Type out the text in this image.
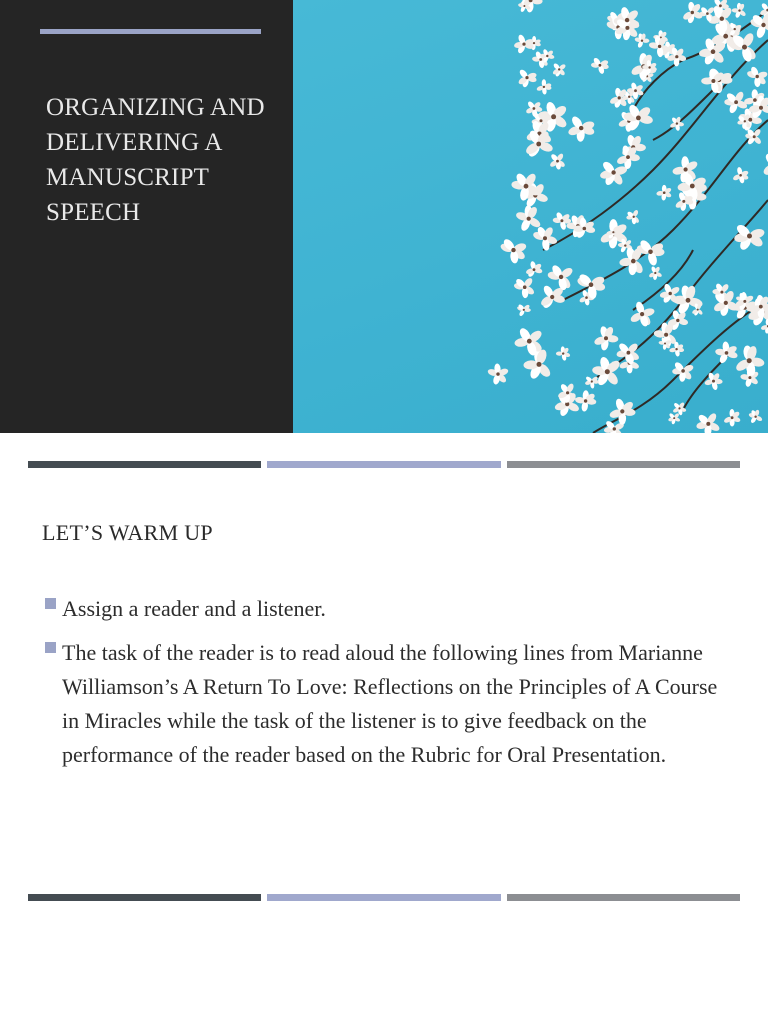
ORGANIZING AND DELIVERING A MANUSCRIPT SPEECH
LET’S WARM UP
Assign a reader and a listener.
The task of the reader is to read aloud the following lines from Marianne Williamson’s A Return To Love: Reflections on the Principles of A Course in Miracles while the task of the listener is to give feedback on the performance of the reader based on the Rubric for Oral Presentation.
